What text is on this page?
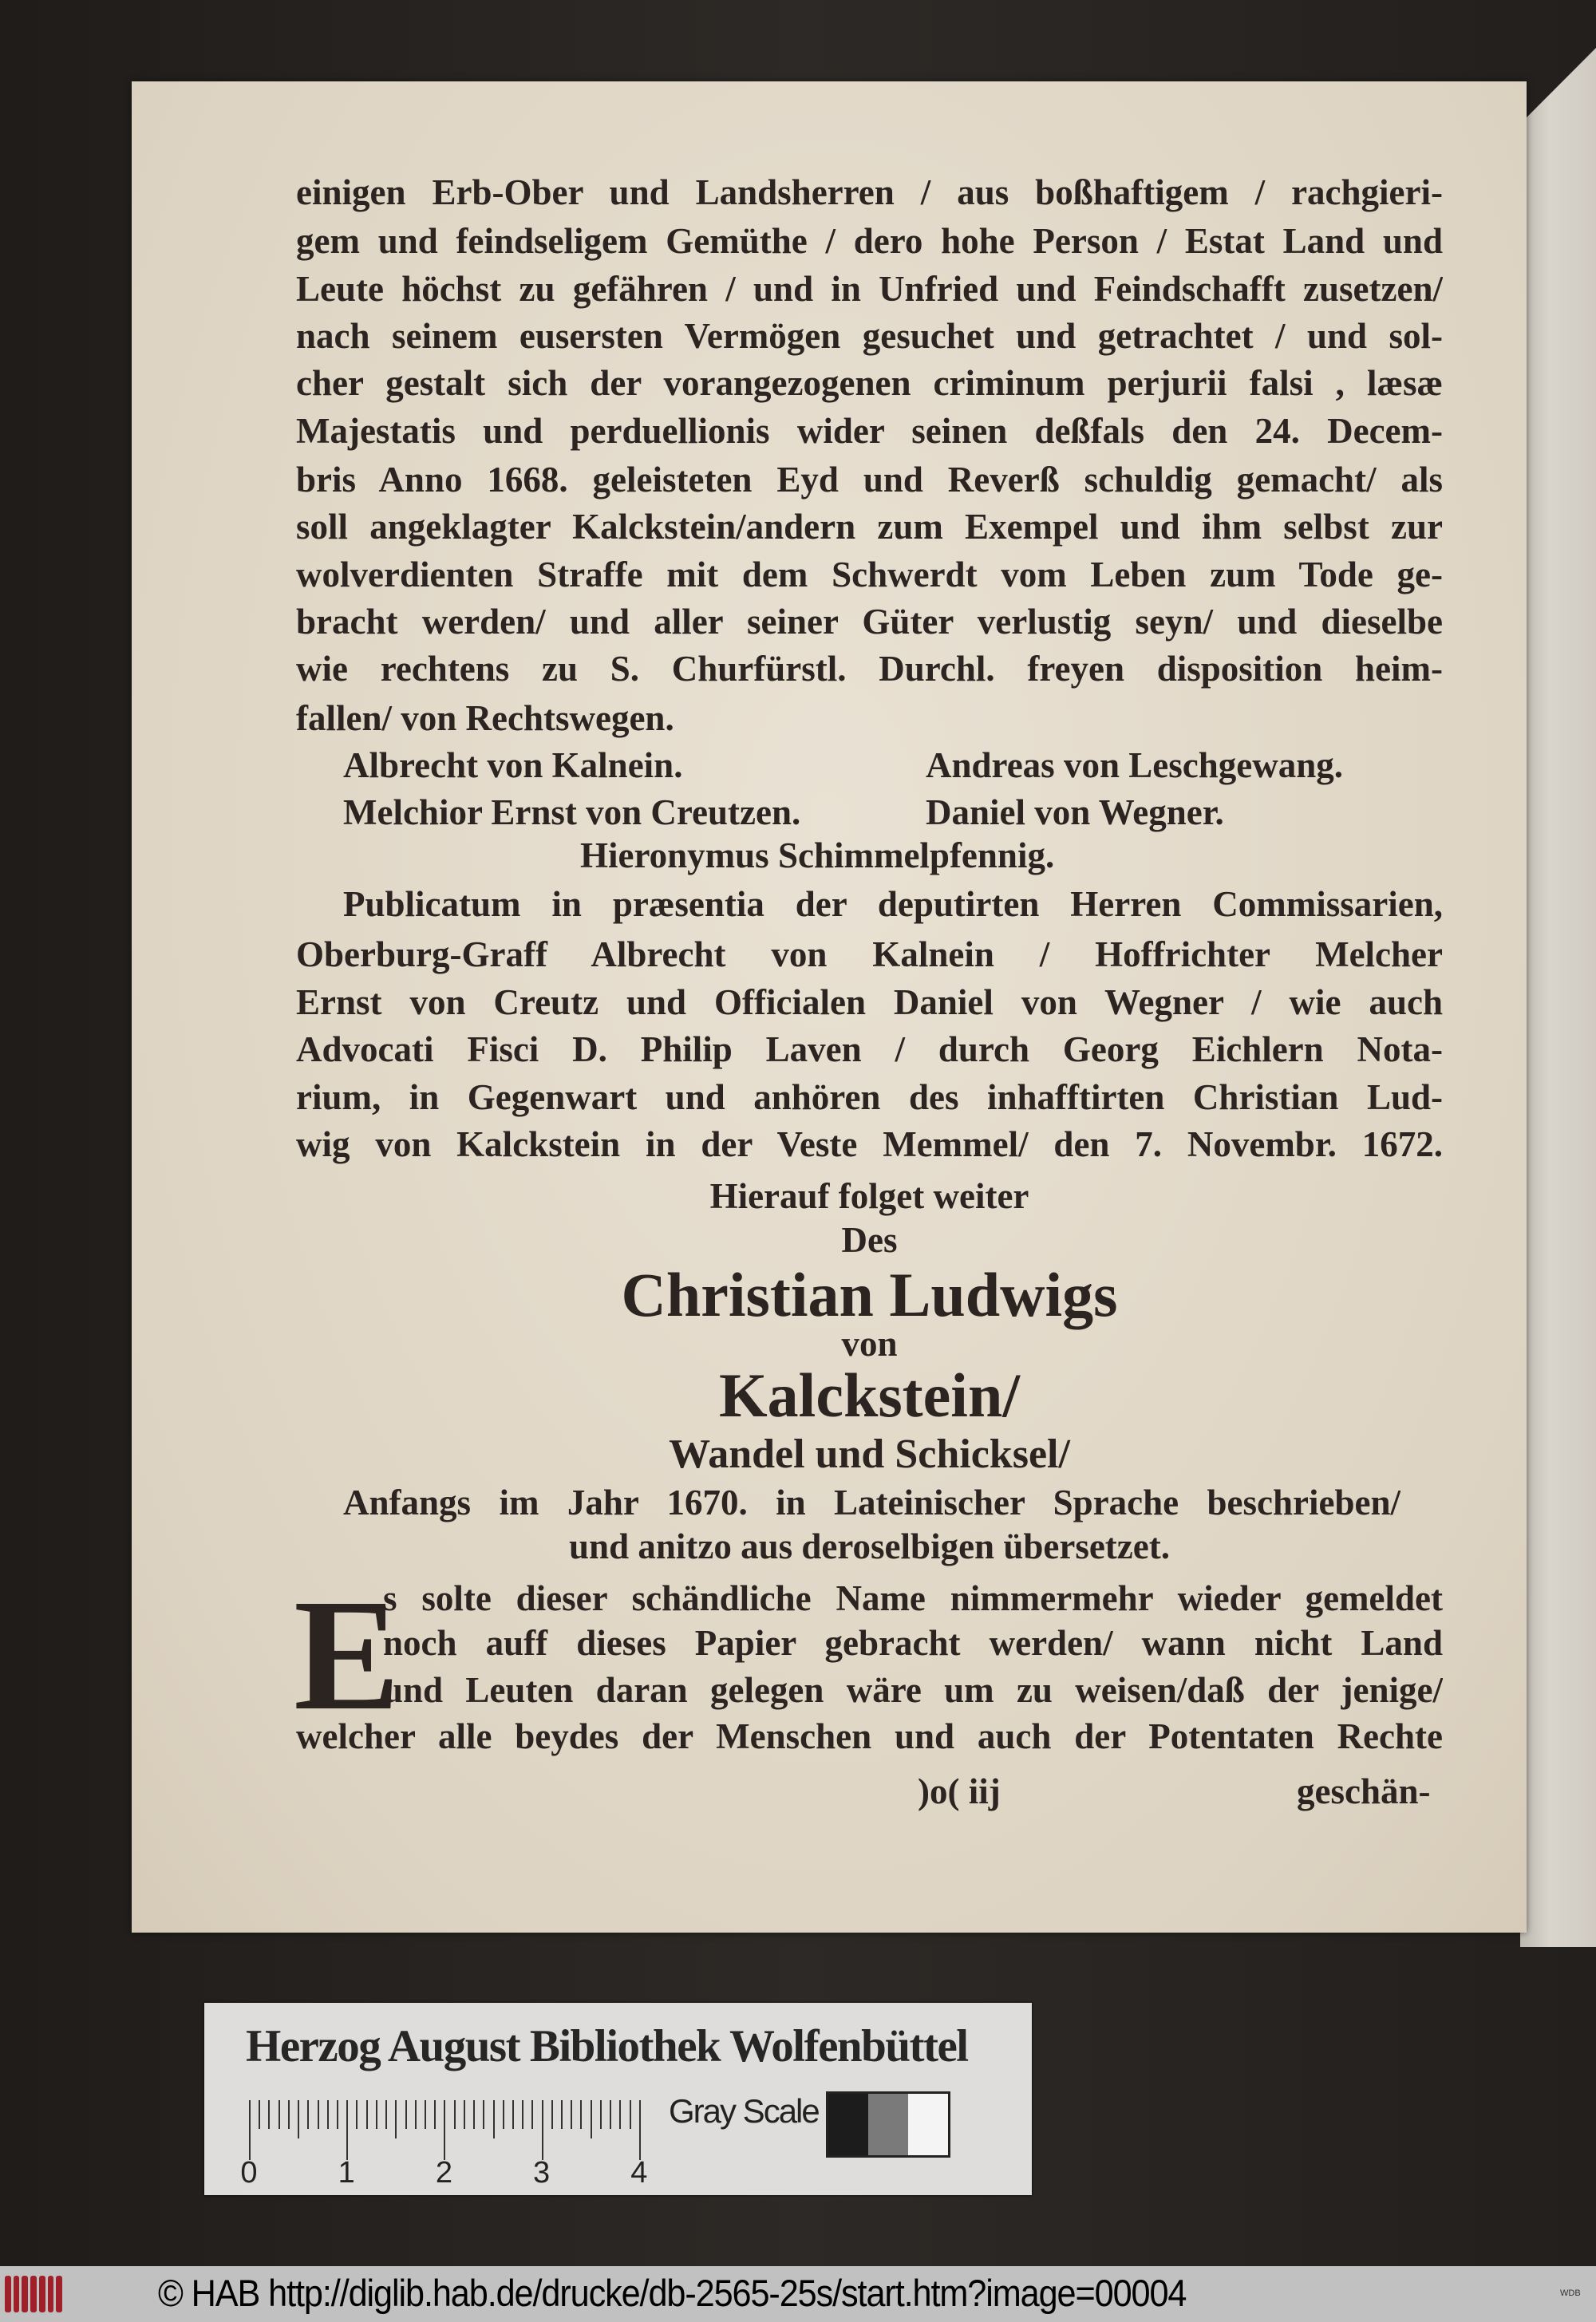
einigen Erb-Ober und Landsherren / aus boßhaftigem / rachgieri-
gem und feindseligem Gemüthe / dero hohe Person / Estat Land und
Leute höchst zu gefähren / und in Unfried und Feindschafft zusetzen/
nach seinem eusersten Vermögen gesuchet und getrachtet / und sol-
cher gestalt sich der vorangezogenen criminum perjurii falsi , læsæ
Majestatis und perduellionis wider seinen deßfals den 24. Decem-
bris Anno 1668. geleisteten Eyd und Reverß schuldig gemacht/ als
soll angeklagter Kalckstein/andern zum Exempel und ihm selbst zur
wolverdienten Straffe mit dem Schwerdt vom Leben zum Tode ge-
bracht werden/ und aller seiner Güter verlustig seyn/ und dieselbe
wie rechtens zu S. Churfürstl. Durchl. freyen disposition heim-
fallen/ von Rechtswegen.
Albrecht von Kalnein.	Andreas von Leschgewang.
Melchior Ernst von Creutzen.	Daniel von Wegner.
Hieronymus Schimmelpfennig.
Publicatum in præsentia der deputirten Herren Commissarien,
Oberburg-Graff Albrecht von Kalnein / Hoffrichter Melcher
Ernst von Creutz und Officialen Daniel von Wegner / wie auch
Advocati Fisci D. Philip Laven / durch Georg Eichlern Nota-
rium, in Gegenwart und anhören des inhafftirten Christian Lud-
wig von Kalckstein in der Veste Memmel/ den 7. Novembr. 1672.
Hierauf folget weiter
Des
Christian Ludwigs
von
Kalckstein/
Wandel und Schicksel/
Anfangs im Jahr 1670. in Lateinischer Sprache beschrieben/
und anitzo aus deroselbigen übersetzet.
s solte dieser schändliche Name nimmermehr wieder gemeldet
noch auff dieses Papier gebracht werden/ wann nicht Land
und Leuten daran gelegen wäre um zu weisen/daß der jenige/
welcher alle beydes der Menschen und auch der Potentaten Rechte
)o( iij	geschän-
E
Herzog August Bibliothek Wolfenbüttel
0	1	2	3	4
Gray Scale
© HAB http://diglib.hab.de/drucke/db-2565-25s/start.htm?image=00004	WDB
